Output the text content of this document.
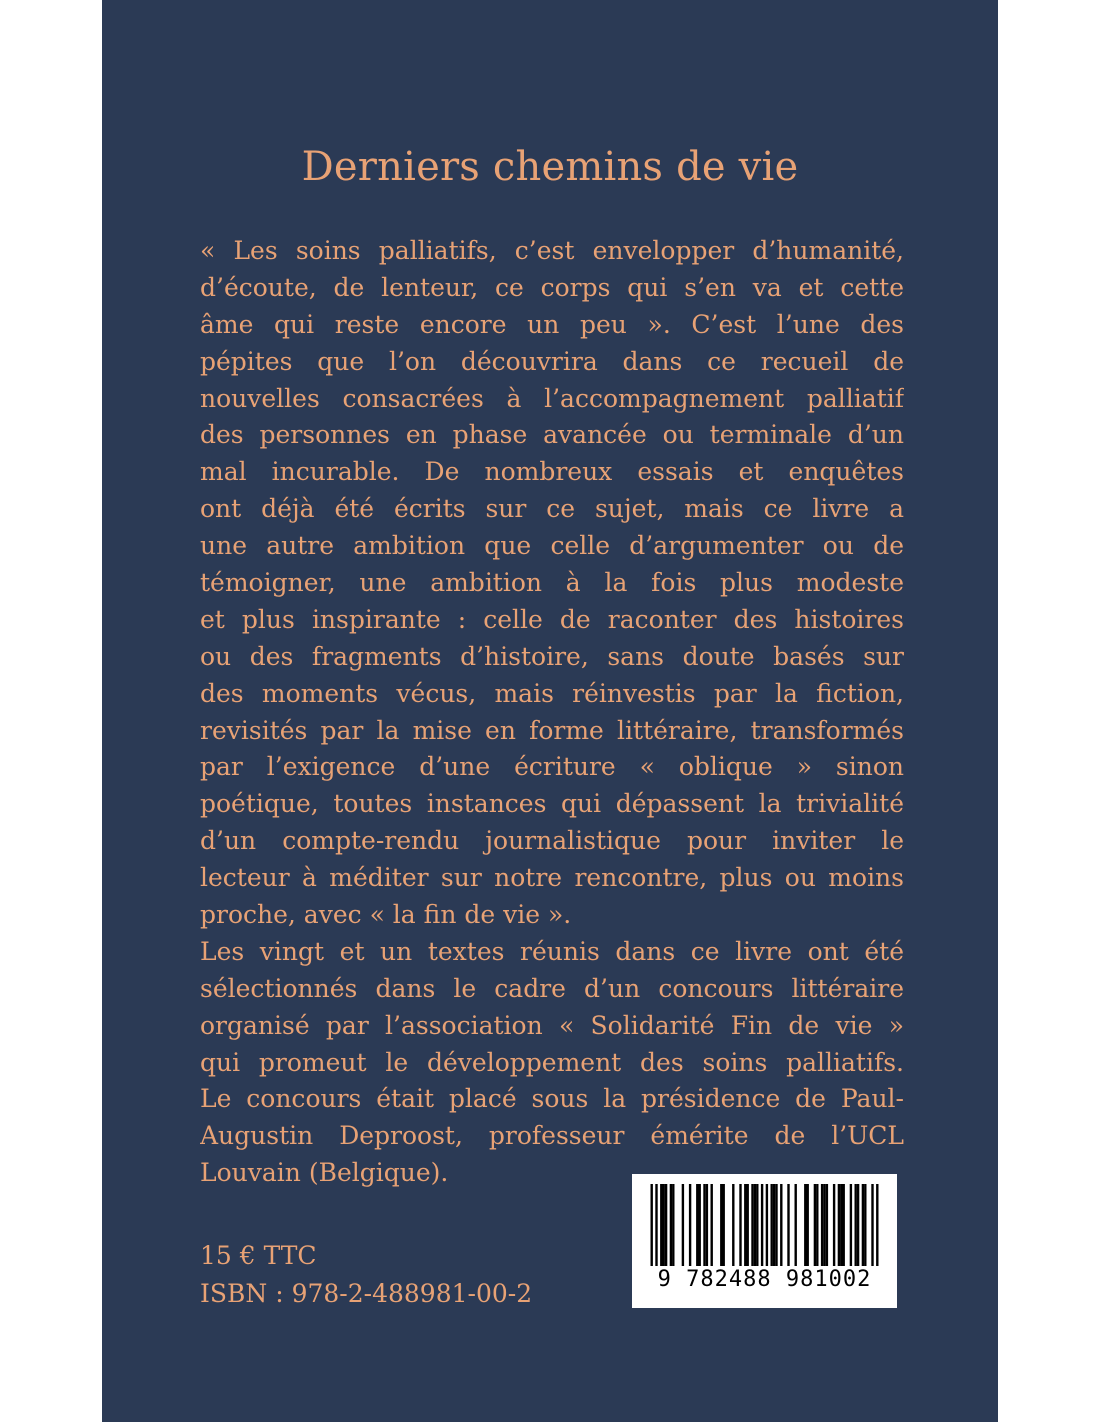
Derniers chemins de vie
« Les soins palliatifs, c’est envelopper d’humanité,
d’écoute, de lenteur, ce corps qui s’en va et cette
âme qui reste encore un peu ». C’est l’une des
pépites que l’on découvrira dans ce recueil de
nouvelles consacrées à l’accompagnement palliatif
des personnes en phase avancée ou terminale d’un
mal incurable. De nombreux essais et enquêtes
ont déjà été écrits sur ce sujet, mais ce livre a
une autre ambition que celle d’argumenter ou de
témoigner, une ambition à la fois plus modeste
et plus inspirante : celle de raconter des histoires
ou des fragments d’histoire, sans doute basés sur
des moments vécus, mais réinvestis par la fiction,
revisités par la mise en forme littéraire, transformés
par l’exigence d’une écriture « oblique » sinon
poétique, toutes instances qui dépassent la trivialité
d’un compte-rendu journalistique pour inviter le
lecteur à méditer sur notre rencontre, plus ou moins
proche, avec « la fin de vie ».
Les vingt et un textes réunis dans ce livre ont été
sélectionnés dans le cadre d’un concours littéraire
organisé par l’association « Solidarité Fin de vie »
qui promeut le développement des soins palliatifs.
Le concours était placé sous la présidence de Paul-
Augustin Deproost, professeur émérite de l’UCL
Louvain (Belgique).
15 € TTC
ISBN : 978-2-488981-00-2	9 782488 981002
